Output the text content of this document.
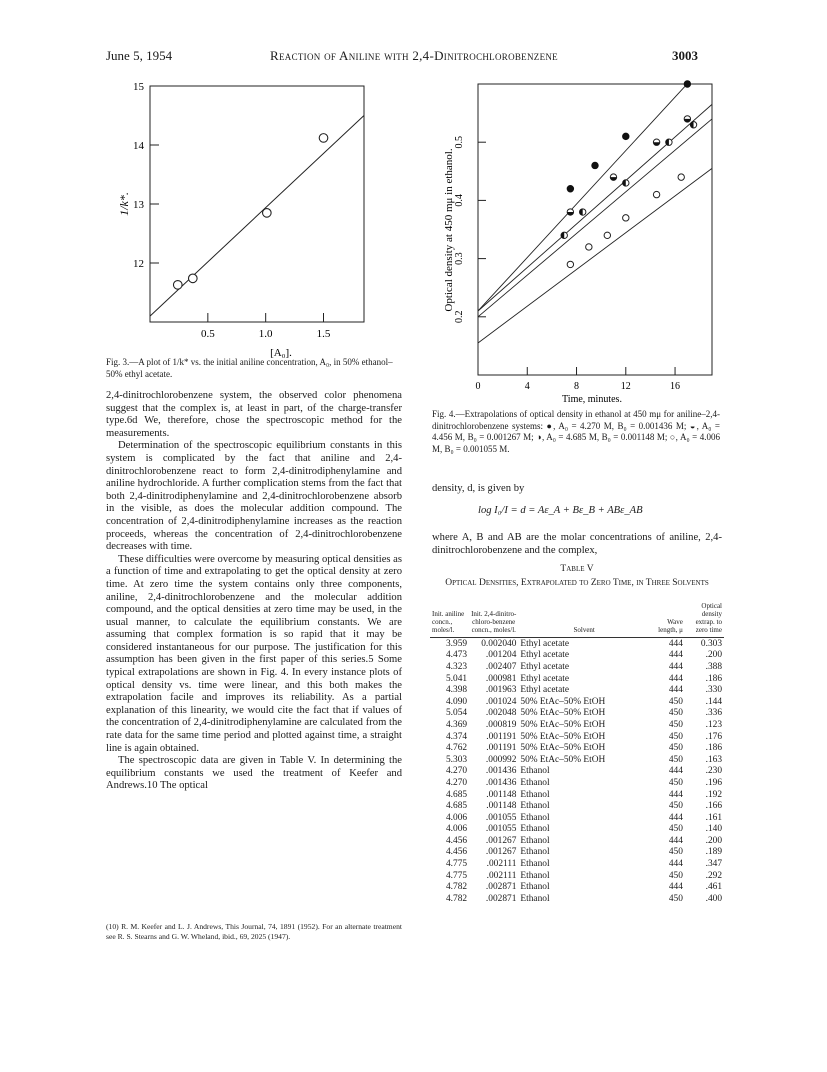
June 5, 1954	Reaction of Aniline with 2,4-Dinitrochlorobenzene	3003
15
14
13
12
0.5	1.0	1.5
1/k*.
[A₀].
Fig. 3.—A plot of 1/k* vs. the initial aniline concentration, A₀, in 50% ethanol–50% ethyl acetate.
0.5
0.4
0.3
0.2
0	4	8	12	16
Optical density at 450 mμ in ethanol.
Time, minutes.
Fig. 4.—Extrapolations of optical density in ethanol at 450 mμ for aniline–2,4-dinitrochlorobenzene systems: ●, A₀ = 4.270 M, B₀ = 0.001436 M; ◒, A₀ = 4.456 M, B₀ = 0.001267 M; ◑, A₀ = 4.685 M, B₀ = 0.001148 M; ○, A₀ = 4.006 M, B₀ = 0.001055 M.

2,4-dinitrochlorobenzene system, the observed color phenomena suggest that the complex is, at least in part, of the charge-transfer type.6d We, therefore, chose the spectroscopic method for the measurements.

Determination of the spectroscopic equilibrium constants in this system is complicated by the fact that aniline and 2,4-dinitrochlorobenzene react to form 2,4-dinitrodiphenylamine and aniline hydrochloride. A further complication stems from the fact that both 2,4-dinitrodiphenylamine and 2,4-dinitrochlorobenzene absorb in the visible, as does the molecular addition compound. The concentration of 2,4-dinitrodiphenylamine increases as the reaction proceeds, whereas the concentration of 2,4-dinitrochlorobenzene decreases with time.

These difficulties were overcome by measuring optical densities as a function of time and extrapolating to get the optical density at zero time. At zero time the system contains only three components, aniline, 2,4-dinitrochlorobenzene and the molecular addition compound, and the optical densities at zero time may be used, in the usual manner, to calculate the equilibrium constants. We are assuming that complex formation is so rapid that it may be considered instantaneous for our purpose. The justification for this assumption has been given in the first paper of this series.5 Some typical extrapolations are shown in Fig. 4. In every instance plots of optical density vs. time were linear, and this both makes the extrapolation facile and improves its reliability. As a partial explanation of this linearity, we would cite the fact that if values of the concentration of 2,4-dinitrodiphenylamine are calculated from the rate data for the same time period and plotted against time, a straight line is again obtained.

The spectroscopic data are given in Table V. In determining the equilibrium constants we used the treatment of Keefer and Andrews.10 The optical

(10) R. M. Keefer and L. J. Andrews, This Journal, 74, 1891 (1952). For an alternate treatment see R. S. Stearns and G. W. Wheland, ibid., 69, 2025 (1947).
density, d, is given by
log I₀/I = d = Aε_A + Bε_B + ABε_AB
where A, B and AB are the molar concentrations of aniline, 2,4-dinitrochlorobenzene and the complex,
Table V
Optical Densities, Extrapolated to Zero Time, in Three Solvents
Init. aniline concn., moles/l.	Init. 2,4-dinitro-chloro-benzene concn., moles/l.	Solvent	Wave length, μ	Optical density extrap. to zero time
3.959	0.002040	Ethyl acetate	444	0.303
4.473	.001204	Ethyl acetate	444	.200
4.323	.002407	Ethyl acetate	444	.388
5.041	.000981	Ethyl acetate	444	.186
4.398	.001963	Ethyl acetate	444	.330
4.090	.001024	50% EtAc–50% EtOH	450	.144
5.054	.002048	50% EtAc–50% EtOH	450	.336
4.369	.000819	50% EtAc–50% EtOH	450	.123
4.374	.001191	50% EtAc–50% EtOH	450	.176
4.762	.001191	50% EtAc–50% EtOH	450	.186
5.303	.000992	50% EtAc–50% EtOH	450	.163
4.270	.001436	Ethanol	444	.230
4.270	.001436	Ethanol	450	.196
4.685	.001148	Ethanol	444	.192
4.685	.001148	Ethanol	450	.166
4.006	.001055	Ethanol	444	.161
4.006	.001055	Ethanol	450	.140
4.456	.001267	Ethanol	444	.200
4.456	.001267	Ethanol	450	.189
4.775	.002111	Ethanol	444	.347
4.775	.002111	Ethanol	450	.292
4.782	.002871	Ethanol	444	.461
4.782	.002871	Ethanol	450	.400
